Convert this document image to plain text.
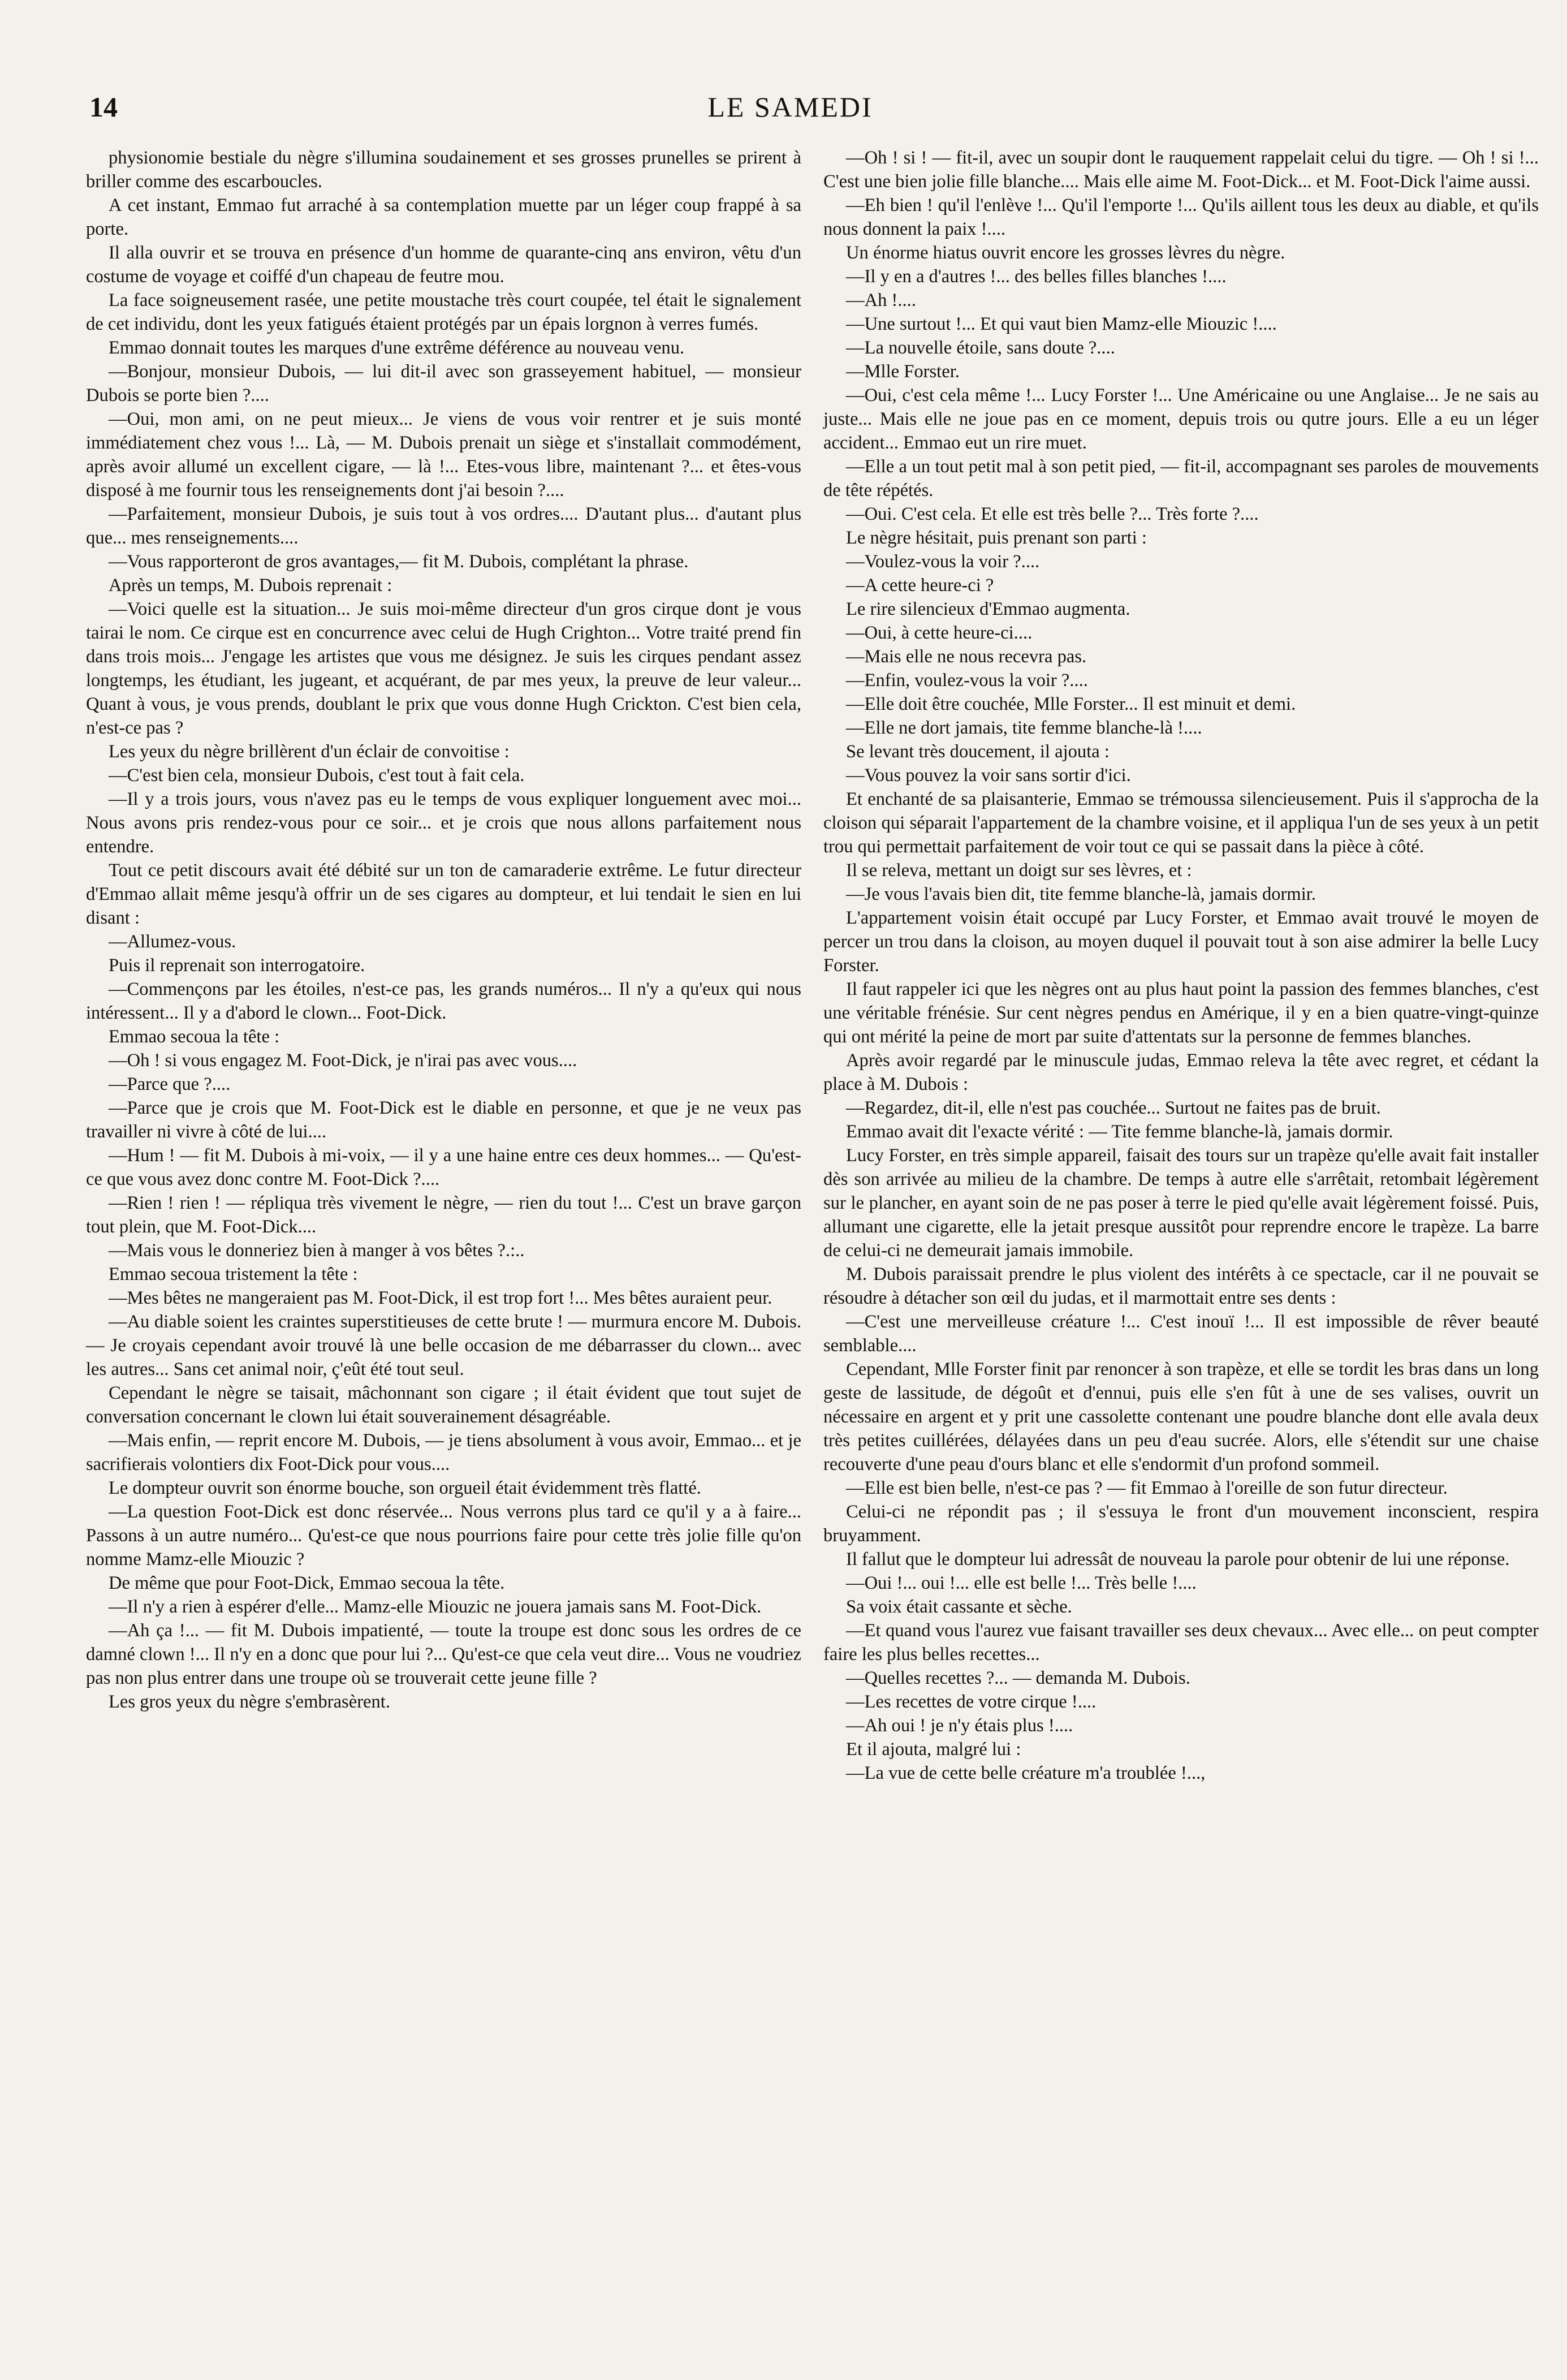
14	LE SAMEDI

physionomie bestiale du nègre s'illumina soudainement et ses grosses prunelles se prirent à briller comme des escarboucles.

A cet instant, Emmao fut arraché à sa contemplation muette par un léger coup frappé à sa porte.

Il alla ouvrir et se trouva en présence d'un homme de quarante-cinq ans environ, vêtu d'un costume de voyage et coiffé d'un chapeau de feutre mou.

La face soigneusement rasée, une petite moustache très court coupée, tel était le signalement de cet individu, dont les yeux fatigués étaient protégés par un épais lorgnon à verres fumés.

Emmao donnait toutes les marques d'une extrême déférence au nouveau venu.

—Bonjour, monsieur Dubois, — lui dit-il avec son grasseyement habituel, — monsieur Dubois se porte bien ?....

—Oui, mon ami, on ne peut mieux... Je viens de vous voir rentrer et je suis monté immédiatement chez vous !... Là, — M. Dubois prenait un siège et s'installait commodément, après avoir allumé un excellent cigare, — là !... Etes-vous libre, maintenant ?... et êtes-vous disposé à me fournir tous les renseignements dont j'ai besoin ?....

—Parfaitement, monsieur Dubois, je suis tout à vos ordres.... D'autant plus... d'autant plus que... mes renseignements....

—Vous rapporteront de gros avantages,— fit M. Dubois, complétant la phrase.

Après un temps, M. Dubois reprenait :

—Voici quelle est la situation... Je suis moi-même directeur d'un gros cirque dont je vous tairai le nom. Ce cirque est en concurrence avec celui de Hugh Crighton... Votre traité prend fin dans trois mois... J'engage les artistes que vous me désignez. Je suis les cirques pendant assez longtemps, les étudiant, les jugeant, et acquérant, de par mes yeux, la preuve de leur valeur... Quant à vous, je vous prends, doublant le prix que vous donne Hugh Crickton. C'est bien cela, n'est-ce pas ?

Les yeux du nègre brillèrent d'un éclair de convoitise :

—C'est bien cela, monsieur Dubois, c'est tout à fait cela.

—Il y a trois jours, vous n'avez pas eu le temps de vous expliquer longuement avec moi... Nous avons pris rendez-vous pour ce soir... et je crois que nous allons parfaitement nous entendre.

Tout ce petit discours avait été débité sur un ton de camaraderie extrême. Le futur directeur d'Emmao allait même jesqu'à offrir un de ses cigares au dompteur, et lui tendait le sien en lui disant :

—Allumez-vous.

Puis il reprenait son interrogatoire.

—Commençons par les étoiles, n'est-ce pas, les grands numéros... Il n'y a qu'eux qui nous intéressent... Il y a d'abord le clown... Foot-Dick.

Emmao secoua la tête :

—Oh ! si vous engagez M. Foot-Dick, je n'irai pas avec vous....

—Parce que ?....

—Parce que je crois que M. Foot-Dick est le diable en personne, et que je ne veux pas travailler ni vivre à côté de lui....

—Hum ! — fit M. Dubois à mi-voix, — il y a une haine entre ces deux hommes... — Qu'est-ce que vous avez donc contre M. Foot-Dick ?....

—Rien ! rien ! — répliqua très vivement le nègre, — rien du tout !... C'est un brave garçon tout plein, que M. Foot-Dick....

—Mais vous le donneriez bien à manger à vos bêtes ?.:..

Emmao secoua tristement la tête :

—Mes bêtes ne mangeraient pas M. Foot-Dick, il est trop fort !... Mes bêtes auraient peur.

—Au diable soient les craintes superstitieuses de cette brute ! — murmura encore M. Dubois. — Je croyais cependant avoir trouvé là une belle occasion de me débarrasser du clown... avec les autres... Sans cet animal noir, ç'eût été tout seul.

Cependant le nègre se taisait, mâchonnant son cigare ; il était évident que tout sujet de conversation concernant le clown lui était souverainement désagréable.

—Mais enfin, — reprit encore M. Dubois, — je tiens absolument à vous avoir, Emmao... et je sacrifierais volontiers dix Foot-Dick pour vous....

Le dompteur ouvrit son énorme bouche, son orgueil était évidemment très flatté.

—La question Foot-Dick est donc réservée... Nous verrons plus tard ce qu'il y a à faire... Passons à un autre numéro... Qu'est-ce que nous pourrions faire pour cette très jolie fille qu'on nomme Mamz-elle Miouzic ?

De même que pour Foot-Dick, Emmao secoua la tête.

—Il n'y a rien à espérer d'elle... Mamz-elle Miouzic ne jouera jamais sans M. Foot-Dick.

—Ah ça !... — fit M. Dubois impatienté, — toute la troupe est donc sous les ordres de ce damné clown !... Il n'y en a donc que pour lui ?... Qu'est-ce que cela veut dire... Vous ne voudriez pas non plus entrer dans une troupe où se trouverait cette jeune fille ?

Les gros yeux du nègre s'embrasèrent.

—Oh ! si ! — fit-il, avec un soupir dont le rauquement rappelait celui du tigre. — Oh ! si !... C'est une bien jolie fille blanche.... Mais elle aime M. Foot-Dick... et M. Foot-Dick l'aime aussi.

—Eh bien ! qu'il l'enlève !... Qu'il l'emporte !... Qu'ils aillent tous les deux au diable, et qu'ils nous donnent la paix !....

Un énorme hiatus ouvrit encore les grosses lèvres du nègre.

—Il y en a d'autres !... des belles filles blanches !....

—Ah !....

—Une surtout !... Et qui vaut bien Mamz-elle Miouzic !....

—La nouvelle étoile, sans doute ?....

—Mlle Forster.

—Oui, c'est cela même !... Lucy Forster !... Une Américaine ou une Anglaise... Je ne sais au juste... Mais elle ne joue pas en ce moment, depuis trois ou qutre jours. Elle a eu un léger accident... Emmao eut un rire muet.

—Elle a un tout petit mal à son petit pied, — fit-il, accompagnant ses paroles de mouvements de tête répétés.

—Oui. C'est cela. Et elle est très belle ?... Très forte ?....

Le nègre hésitait, puis prenant son parti :

—Voulez-vous la voir ?....

—A cette heure-ci ?

Le rire silencieux d'Emmao augmenta.

—Oui, à cette heure-ci....

—Mais elle ne nous recevra pas.

—Enfin, voulez-vous la voir ?....

—Elle doit être couchée, Mlle Forster... Il est minuit et demi.

—Elle ne dort jamais, tite femme blanche-là !....

Se levant très doucement, il ajouta :

—Vous pouvez la voir sans sortir d'ici.

Et enchanté de sa plaisanterie, Emmao se trémoussa silencieusement. Puis il s'approcha de la cloison qui séparait l'appartement de la chambre voisine, et il appliqua l'un de ses yeux à un petit trou qui permettait parfaitement de voir tout ce qui se passait dans la pièce à côté.

Il se releva, mettant un doigt sur ses lèvres, et :

—Je vous l'avais bien dit, tite femme blanche-là, jamais dormir.

L'appartement voisin était occupé par Lucy Forster, et Emmao avait trouvé le moyen de percer un trou dans la cloison, au moyen duquel il pouvait tout à son aise admirer la belle Lucy Forster.

Il faut rappeler ici que les nègres ont au plus haut point la passion des femmes blanches, c'est une véritable frénésie. Sur cent nègres pendus en Amérique, il y en a bien quatre-vingt-quinze qui ont mérité la peine de mort par suite d'attentats sur la personne de femmes blanches.

Après avoir regardé par le minuscule judas, Emmao releva la tête avec regret, et cédant la place à M. Dubois :

—Regardez, dit-il, elle n'est pas couchée... Surtout ne faites pas de bruit.

Emmao avait dit l'exacte vérité : — Tite femme blanche-là, jamais dormir.

Lucy Forster, en très simple appareil, faisait des tours sur un trapèze qu'elle avait fait installer dès son arrivée au milieu de la chambre. De temps à autre elle s'arrêtait, retombait légèrement sur le plancher, en ayant soin de ne pas poser à terre le pied qu'elle avait légèrement foissé. Puis, allumant une cigarette, elle la jetait presque aussitôt pour reprendre encore le trapèze. La barre de celui-ci ne demeurait jamais immobile.

M. Dubois paraissait prendre le plus violent des intérêts à ce spectacle, car il ne pouvait se résoudre à détacher son œil du judas, et il marmottait entre ses dents :

—C'est une merveilleuse créature !... C'est inouï !... Il est impossible de rêver beauté semblable....

Cependant, Mlle Forster finit par renoncer à son trapèze, et elle se tordit les bras dans un long geste de lassitude, de dégoût et d'ennui, puis elle s'en fût à une de ses valises, ouvrit un nécessaire en argent et y prit une cassolette contenant une poudre blanche dont elle avala deux très petites cuillérées, délayées dans un peu d'eau sucrée. Alors, elle s'étendit sur une chaise recouverte d'une peau d'ours blanc et elle s'endormit d'un profond sommeil.

—Elle est bien belle, n'est-ce pas ? — fit Emmao à l'oreille de son futur directeur.

Celui-ci ne répondit pas ; il s'essuya le front d'un mouvement inconscient, respira bruyamment.

Il fallut que le dompteur lui adressât de nouveau la parole pour obtenir de lui une réponse.

—Oui !... oui !... elle est belle !... Très belle !....

Sa voix était cassante et sèche.

—Et quand vous l'aurez vue faisant travailler ses deux chevaux... Avec elle... on peut compter faire les plus belles recettes...

—Quelles recettes ?... — demanda M. Dubois.

—Les recettes de votre cirque !....

—Ah oui ! je n'y étais plus !....

Et il ajouta, malgré lui :

—La vue de cette belle créature m'a troublée !...,
